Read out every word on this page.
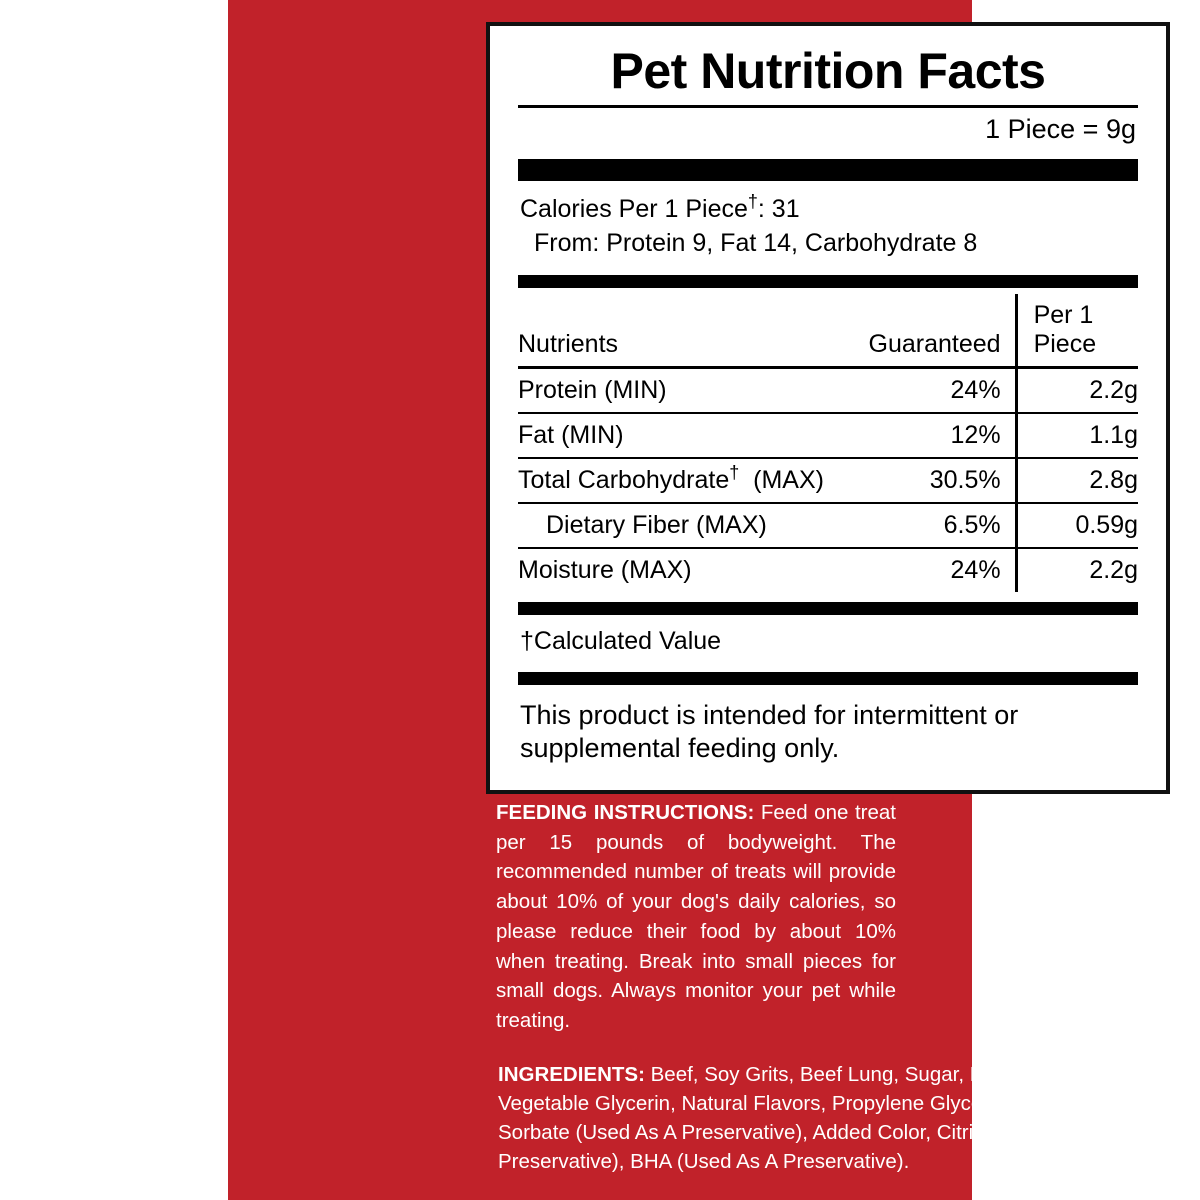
Pet Nutrition Facts
1 Piece = 9g
Calories Per 1 Piece†: 31
From: Protein 9, Fat 14, Carbohydrate 8
Nutrients	Guaranteed	Per 1 Piece
Protein (MIN)	24%	2.2g
Fat (MIN)	12%	1.1g
Total Carbohydrate†  (MAX)	30.5%	2.8g
Dietary Fiber (MAX)	6.5%	0.59g
Moisture (MAX)	24%	2.2g
†Calculated Value
This product is intended for intermittent or supplemental feeding only.
FEEDING INSTRUCTIONS: Feed one treat per 15 pounds of bodyweight. The recommended number of treats will provide about 10% of your dog's daily calories, so please reduce their food by about 10% when treating. Break into small pieces for small dogs. Always monitor your pet while treating.
INGREDIENTS: Beef, Soy Grits, Beef Lung, Sugar, Beef Liver, Salt, Vegetable Glycerin, Natural Flavors, Propylene Glycol, Potassium Sorbate (Used As A Preservative), Added Color, Citric Acid (Used As A Preservative), BHA (Used As A Preservative).	NP003
